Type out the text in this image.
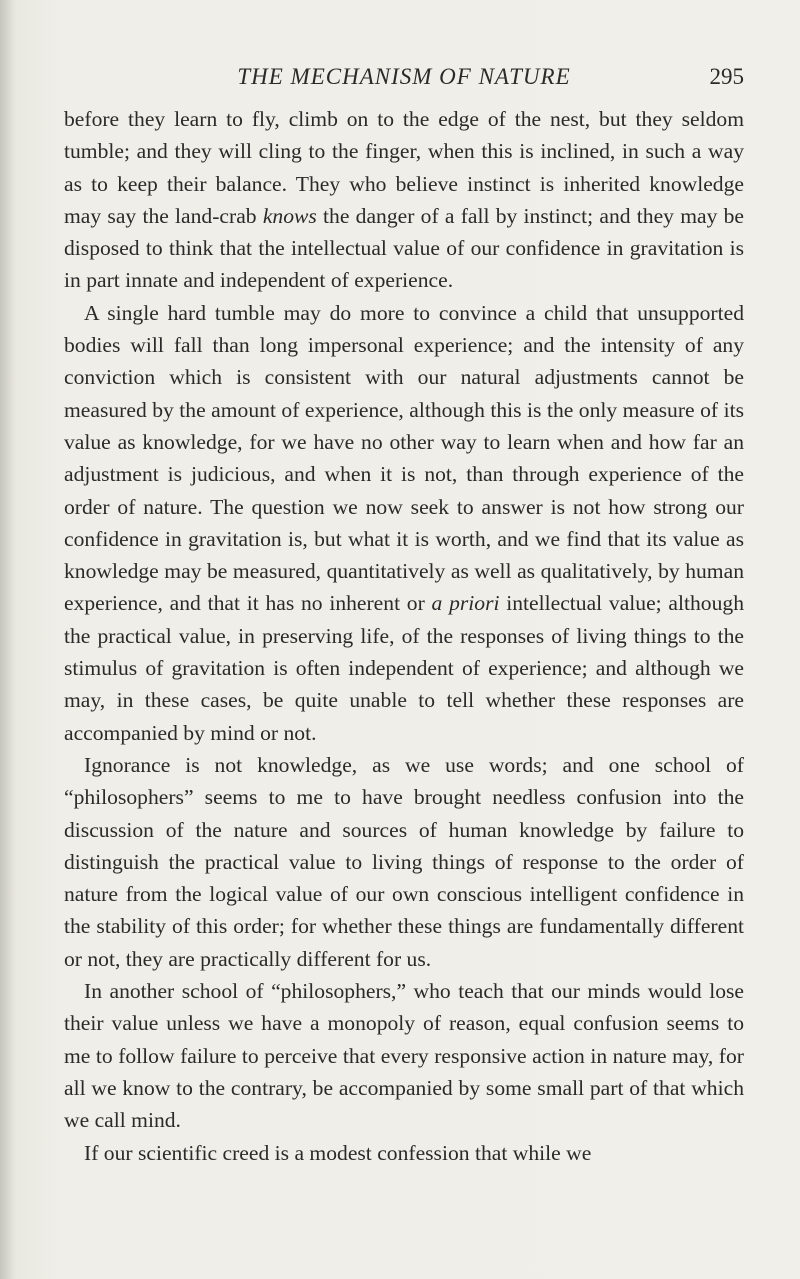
THE MECHANISM OF NATURE	295

before they learn to fly, climb on to the edge of the nest, but they seldom tumble; and they will cling to the finger, when this is inclined, in such a way as to keep their balance. They who believe instinct is inherited knowledge may say the land-crab knows the danger of a fall by instinct; and they may be disposed to think that the intellectual value of our confidence in gravitation is in part innate and independent of experience.

A single hard tumble may do more to convince a child that unsupported bodies will fall than long impersonal experience; and the intensity of any conviction which is consistent with our natural adjustments cannot be measured by the amount of experience, although this is the only measure of its value as knowledge, for we have no other way to learn when and how far an adjustment is judicious, and when it is not, than through experience of the order of nature. The question we now seek to answer is not how strong our confidence in gravitation is, but what it is worth, and we find that its value as knowledge may be measured, quantitatively as well as qualitatively, by human experience, and that it has no inherent or a priori intellectual value; although the practical value, in preserving life, of the responses of living things to the stimulus of gravitation is often independent of experience; and although we may, in these cases, be quite unable to tell whether these responses are accompanied by mind or not.

Ignorance is not knowledge, as we use words; and one school of “philosophers” seems to me to have brought needless confusion into the discussion of the nature and sources of human knowledge by failure to distinguish the practical value to living things of response to the order of nature from the logical value of our own conscious intelligent confidence in the stability of this order; for whether these things are fundamentally different or not, they are practically different for us.

In another school of “philosophers,” who teach that our minds would lose their value unless we have a monopoly of reason, equal confusion seems to me to follow failure to perceive that every responsive action in nature may, for all we know to the contrary, be accompanied by some small part of that which we call mind.

If our scientific creed is a modest confession that while we
